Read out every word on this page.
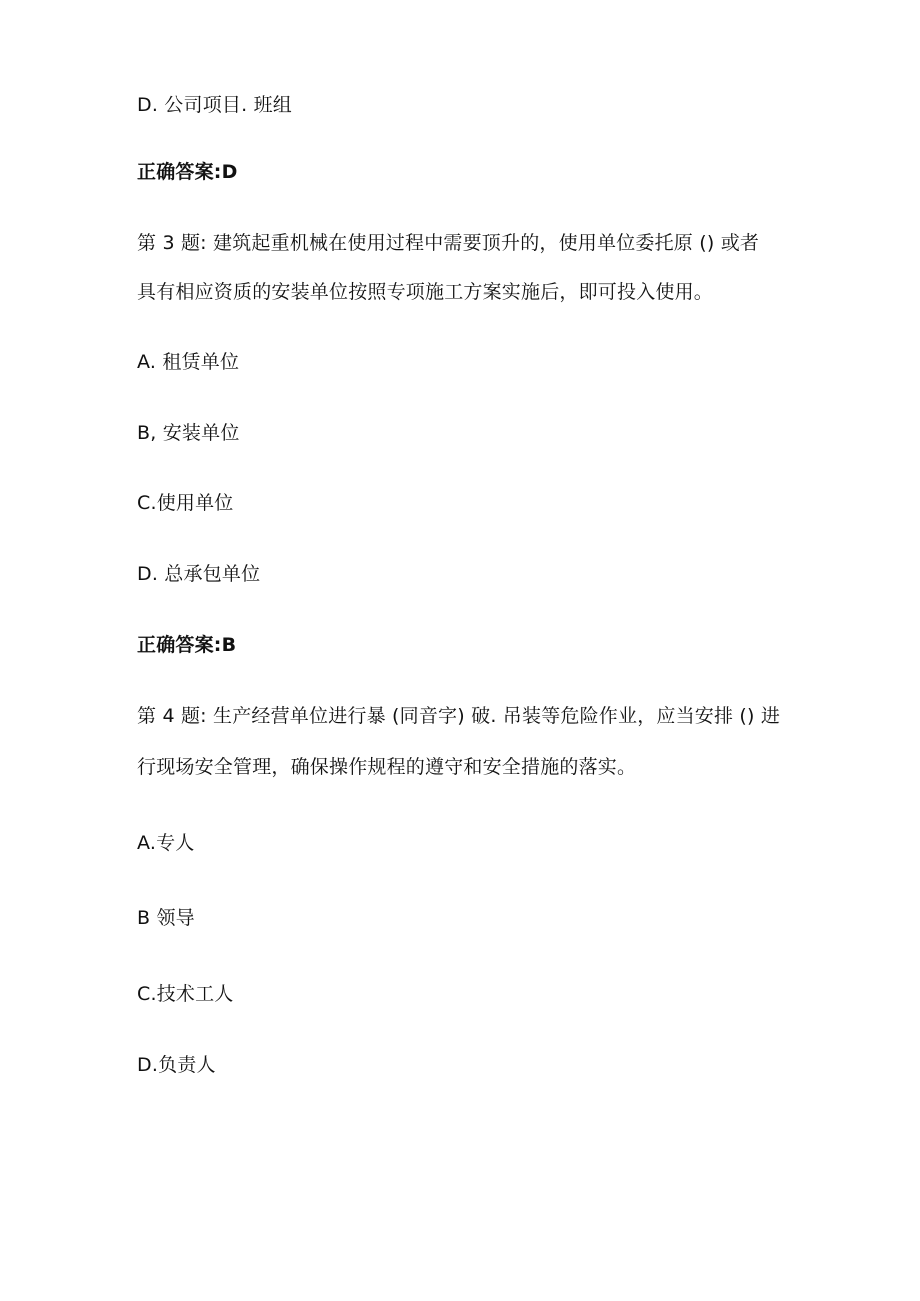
D. 公司项目. 班组
正确答案:D
第 3 题: 建筑起重机械在使用过程中需要顶升的，使用单位委托原 () 或者
具有相应资质的安装单位按照专项施工方案实施后，即可投入使用。
A. 租赁单位
B, 安装单位
C.使用单位
D. 总承包单位
正确答案:B
第 4 题: 生产经营单位进行暴 (同音字) 破. 吊装等危险作业，应当安排 () 进
行现场安全管理，确保操作规程的遵守和安全措施的落实。
A.专人
B 领导
C.技术工人
D.负责人
